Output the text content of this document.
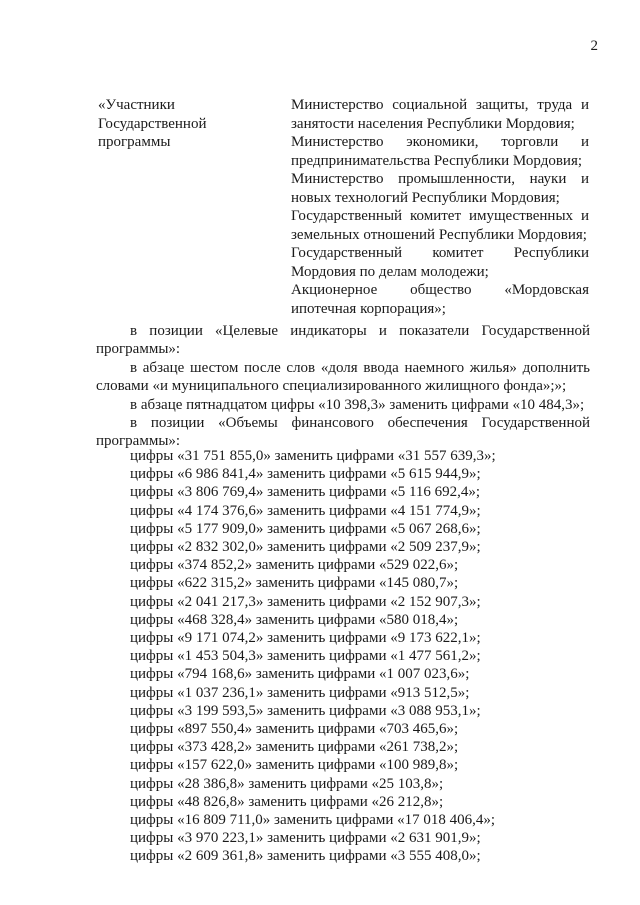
2
«Участники Государственной программы

Министерство социальной защиты, труда и занятости населения Республики Мордовия;

Министерство экономики, торговли и предпринимательства Республики Мордовия;

Министерство промышленности, науки и новых технологий Республики Мордовия;

Государственный комитет имущественных и земельных отношений Республики Мордовия;

Государственный комитет Республики Мордовия по делам молодежи;

Акционерное общество «Мордовская ипотечная корпорация»;

в позиции «Целевые индикаторы и показатели Государственной программы»:

в абзаце шестом после слов «доля ввода наемного жилья» дополнить словами «и муниципального специализированного жилищного фонда»;»;

в абзаце пятнадцатом цифры «10 398,3» заменить цифрами «10 484,3»;

в позиции «Объемы финансового обеспечения Государственной программы»:

цифры «31 751 855,0» заменить цифрами «31 557 639,3»;
цифры «6 986 841,4» заменить цифрами «5 615 944,9»;
цифры «3 806 769,4» заменить цифрами «5 116 692,4»;
цифры «4 174 376,6» заменить цифрами «4 151 774,9»;
цифры «5 177 909,0» заменить цифрами «5 067 268,6»;
цифры «2 832 302,0» заменить цифрами «2 509 237,9»;
цифры «374 852,2» заменить цифрами «529 022,6»;
цифры «622 315,2» заменить цифрами «145 080,7»;
цифры «2 041 217,3» заменить цифрами «2 152 907,3»;
цифры «468 328,4» заменить цифрами «580 018,4»;
цифры «9 171 074,2» заменить цифрами «9 173 622,1»;
цифры «1 453 504,3» заменить цифрами «1 477 561,2»;
цифры «794 168,6» заменить цифрами «1 007 023,6»;
цифры «1 037 236,1» заменить цифрами «913 512,5»;
цифры «3 199 593,5» заменить цифрами «3 088 953,1»;
цифры «897 550,4» заменить цифрами «703 465,6»;
цифры «373 428,2» заменить цифрами «261 738,2»;
цифры «157 622,0» заменить цифрами «100 989,8»;
цифры «28 386,8» заменить цифрами «25 103,8»;
цифры «48 826,8» заменить цифрами «26 212,8»;
цифры «16 809 711,0» заменить цифрами «17 018 406,4»;
цифры «3 970 223,1» заменить цифрами «2 631 901,9»;
цифры «2 609 361,8» заменить цифрами «3 555 408,0»;
